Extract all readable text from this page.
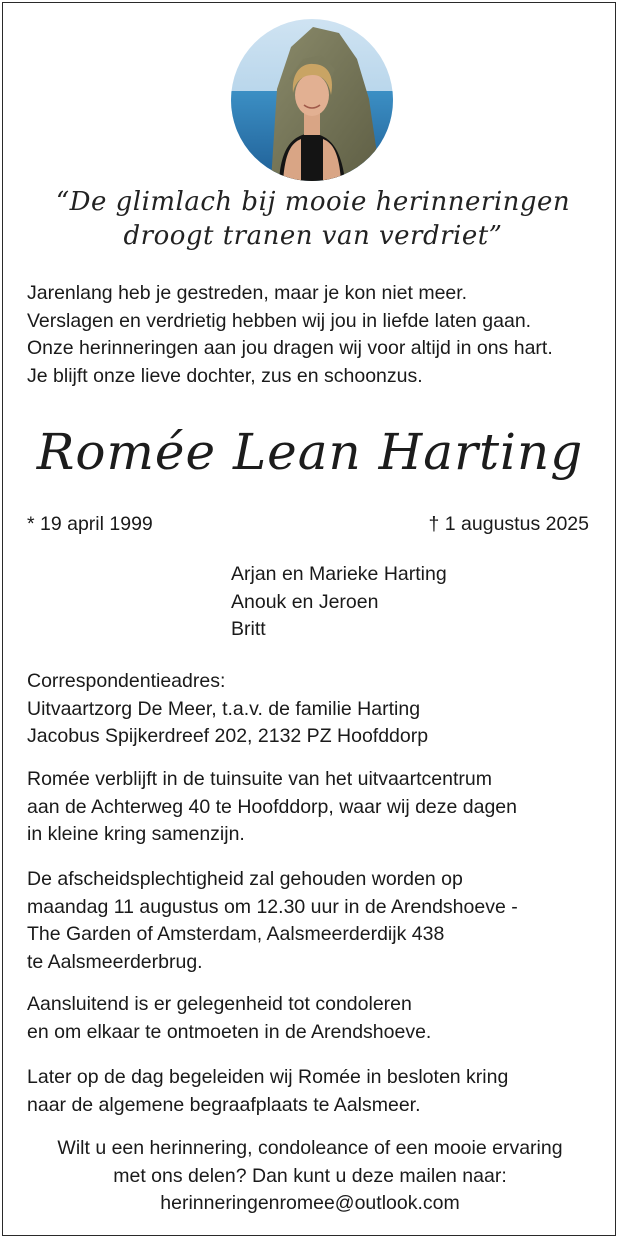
“De glimlach bij mooie herinneringen
droogt tranen van verdriet”
Jarenlang heb je gestreden, maar je kon niet meer.
Verslagen en verdrietig hebben wij jou in liefde laten gaan.
Onze herinneringen aan jou dragen wij voor altijd in ons hart.
Je blijft onze lieve dochter, zus en schoonzus.
Romée Lean Harting
* 19 april 1999	† 1 augustus 2025
Arjan en Marieke Harting
Anouk en Jeroen
Britt
Correspondentieadres:
Uitvaartzorg De Meer, t.a.v. de familie Harting
Jacobus Spijkerdreef 202, 2132 PZ Hoofddorp
Romée verblijft in de tuinsuite van het uitvaartcentrum
aan de Achterweg 40 te Hoofddorp, waar wij deze dagen
in kleine kring samenzijn.
De afscheidsplechtigheid zal gehouden worden op
maandag 11 augustus om 12.30 uur in de Arendshoeve -
The Garden of Amsterdam, Aalsmeerderdijk 438
te Aalsmeerderbrug.
Aansluitend is er gelegenheid tot condoleren
en om elkaar te ontmoeten in de Arendshoeve.
Later op de dag begeleiden wij Romée in besloten kring
naar de algemene begraafplaats te Aalsmeer.
Wilt u een herinnering, condoleance of een mooie ervaring
met ons delen? Dan kunt u deze mailen naar:
herinneringenromee@outlook.com
